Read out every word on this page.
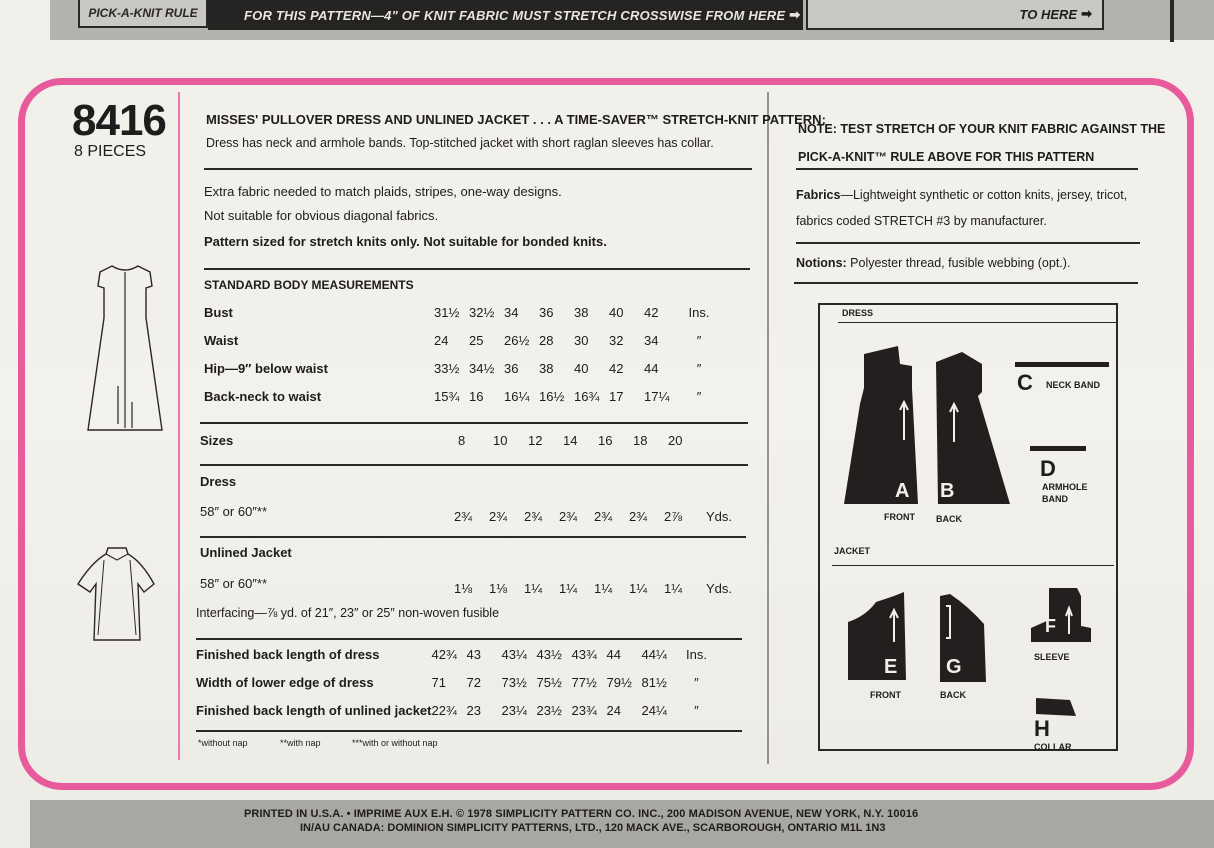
PICK-A-KNIT RULE	FOR THIS PATTERN—4" OF KNIT FABRIC MUST STRETCH CROSSWISE FROM HERE ➡	TO HERE ➡
8416
8 PIECES
MISSES' PULLOVER DRESS AND UNLINED JACKET . . . A TIME-SAVER™ STRETCH-KNIT PATTERN:
Dress has neck and armhole bands. Top-stitched jacket with short raglan sleeves has collar.
Extra fabric needed to match plaids, stripes, one-way designs.
Not suitable for obvious diagonal fabrics.
Pattern sized for stretch knits only. Not suitable for bonded knits.
STANDARD BODY MEASUREMENTS
Bust	31½	32½	34	36	38	40	42	Ins.
Waist	24	25	26½	28	30	32	34	″
Hip—9″ below waist	33½	34½	36	38	40	42	44	″
Back-neck to waist	15¾	16	16¼	16½	16¾	17	17¼	″
Sizes	8	10	12	14	16	18	20
Dress
58″ or 60″**	2¾	2¾	2¾	2¾	2¾	2¾	2⅞	Yds.
Unlined Jacket
58″ or 60″**	1⅛	1⅛	1¼	1¼	1¼	1¼	1¼	Yds.
Interfacing—⅞ yd. of 21″, 23″ or 25″ non-woven fusible
Finished back length of dress	42¾	43	43¼	43½	43¾	44	44¼	Ins.
Width of lower edge of dress	71	72	73½	75½	77½	79½	81½	″
Finished back length of unlined jacket	22¾	23	23¼	23½	23¾	24	24¼	″
*without nap	**with nap	***with or without nap
NOTE: TEST STRETCH OF YOUR KNIT FABRIC AGAINST THE
PICK-A-KNIT™ RULE ABOVE FOR THIS PATTERN
Fabrics—Lightweight synthetic or cotton knits, jersey, tricot,
fabrics coded STRETCH #3 by manufacturer.
Notions: Polyester thread, fusible webbing (opt.).
DRESS
A
FRONT
B
BACK
C NECK BAND
D
ARMHOLE
BAND
JACKET
E
FRONT
G
BACK
F
SLEEVE
H
COLLAR
PRINTED IN U.S.A. • IMPRIME AUX E.H. © 1978 SIMPLICITY PATTERN CO. INC., 200 MADISON AVENUE, NEW YORK, N.Y. 10016
IN/AU CANADA: DOMINION SIMPLICITY PATTERNS, LTD., 120 MACK AVE., SCARBOROUGH, ONTARIO M1L 1N3
